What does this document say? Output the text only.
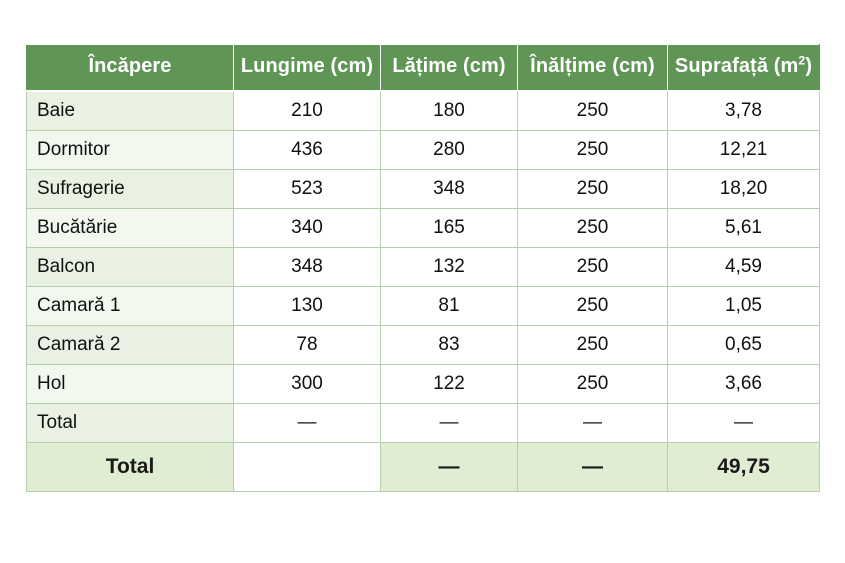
Încăpere	Lungime (cm)	Lățime (cm)	Înălțime (cm)	Suprafață $(m^2)$
Baie	210	180	250	3,78
Dormitor	436	280	250	12,21
Sufragerie	523	348	250	18,20
Bucătărie	340	165	250	5,61
Balcon	348	132	250	4,59
Camară 1	130	81	250	1,05
Camară 2	78	83	250	0,65
Hol	300	122	250	3,66
Total	—	—	—	—
Total		—	—	49,75
